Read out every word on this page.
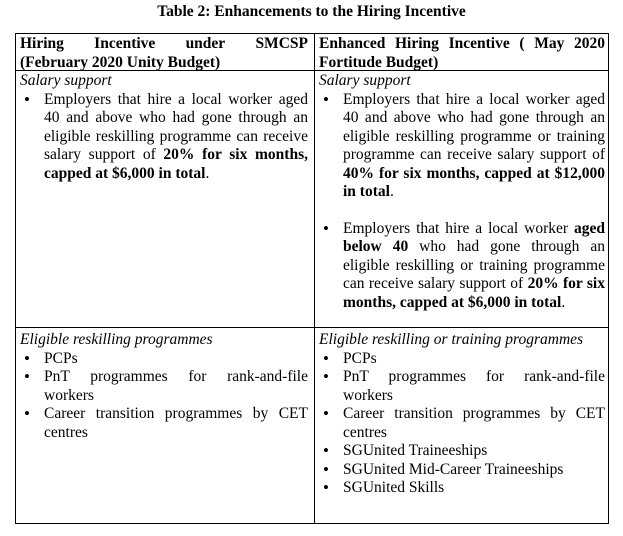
Table 2: Enhancements to the Hiring Incentive
Hiring Incentive under SMCSP
(February 2020 Unity Budget)
Enhanced Hiring Incentive ( May 2020
Fortitude Budget)
Salary support
• Employers that hire a local worker aged 40 and above who had gone through an eligible reskilling programme can receive salary support of 20% for six months, capped at $6,000 in total.
Salary support
• Employers that hire a local worker aged 40 and above who had gone through an eligible reskilling programme or training programme can receive salary support of 40% for six months, capped at $12,000 in total.
• Employers that hire a local worker aged below 40 who had gone through an eligible reskilling or training programme can receive salary support of 20% for six months, capped at $6,000 in total.
Eligible reskilling programmes
• PCPs
• PnT programmes for rank-and-file workers
• Career transition programmes by CET centres
Eligible reskilling or training programmes
• PCPs
• PnT programmes for rank-and-file workers
• Career transition programmes by CET centres
• SGUnited Traineeships
• SGUnited Mid-Career Traineeships
• SGUnited Skills
